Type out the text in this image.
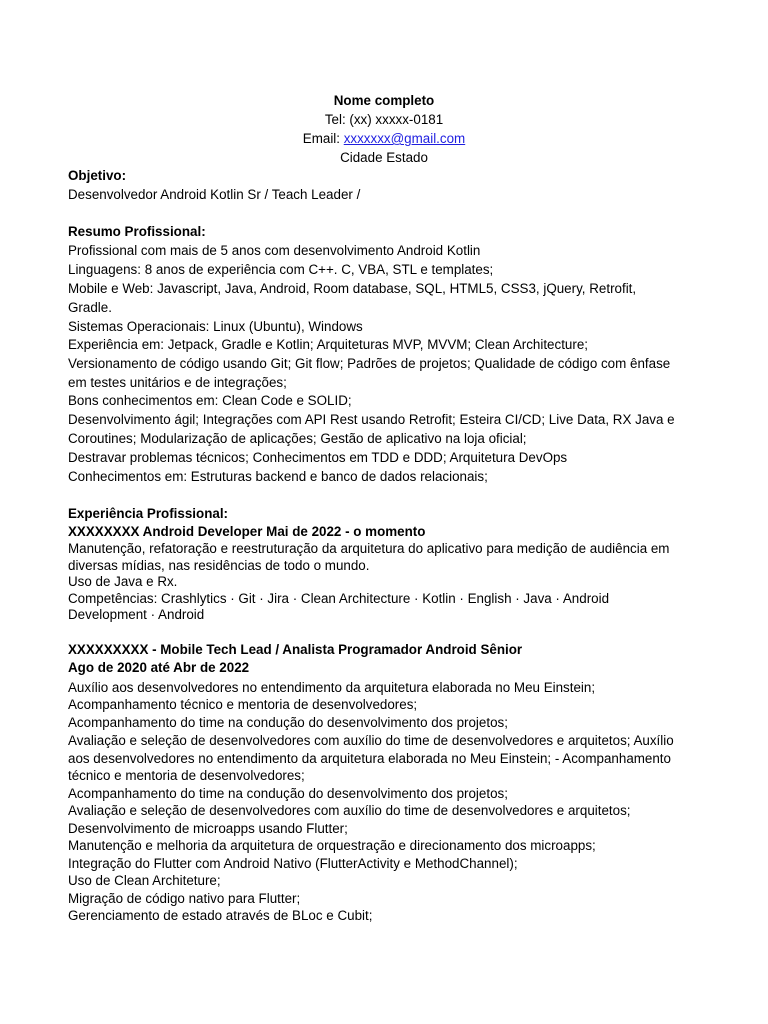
Nome completo
Tel: (xx) xxxxx-0181
Email: xxxxxxx@gmail.com
Cidade Estado
Objetivo:
Desenvolvedor Android Kotlin Sr / Teach Leader /
Resumo Profissional:
Profissional com mais de 5 anos com desenvolvimento Android Kotlin
Linguagens: 8 anos de experiência com C++. C, VBA, STL e templates;
Mobile e Web: Javascript, Java, Android, Room database, SQL, HTML5, CSS3, jQuery, Retrofit,
Gradle.
Sistemas Operacionais: Linux (Ubuntu), Windows
Experiência em: Jetpack, Gradle e Kotlin; Arquiteturas MVP, MVVM; Clean Architecture;
Versionamento de código usando Git; Git flow; Padrões de projetos; Qualidade de código com ênfase
em testes unitários e de integrações;
Bons conhecimentos em: Clean Code e SOLID;
Desenvolvimento ágil; Integrações com API Rest usando Retrofit; Esteira CI/CD; Live Data, RX Java e
Coroutines; Modularização de aplicações; Gestão de aplicativo na loja oficial;
Destravar problemas técnicos; Conhecimentos em TDD e DDD; Arquitetura DevOps
Conhecimentos em: Estruturas backend e banco de dados relacionais;
Experiência Profissional:
XXXXXXXX Android Developer Mai de 2022 - o momento
Manutenção, refatoração e reestruturação da arquitetura do aplicativo para medição de audiência em
diversas mídias, nas residências de todo o mundo.
Uso de Java e Rx.
Competências: Crashlytics · Git · Jira · Clean Architecture · Kotlin · English · Java · Android
Development · Android
XXXXXXXXX - Mobile Tech Lead / Analista Programador Android Sênior
Ago de 2020 até Abr de 2022
Auxílio aos desenvolvedores no entendimento da arquitetura elaborada no Meu Einstein;
Acompanhamento técnico e mentoria de desenvolvedores;
Acompanhamento do time na condução do desenvolvimento dos projetos;
Avaliação e seleção de desenvolvedores com auxílio do time de desenvolvedores e arquitetos; Auxílio
aos desenvolvedores no entendimento da arquitetura elaborada no Meu Einstein; - Acompanhamento
técnico e mentoria de desenvolvedores;
Acompanhamento do time na condução do desenvolvimento dos projetos;
Avaliação e seleção de desenvolvedores com auxílio do time de desenvolvedores e arquitetos;
Desenvolvimento de microapps usando Flutter;
Manutenção e melhoria da arquitetura de orquestração e direcionamento dos microapps;
Integração do Flutter com Android Nativo (FlutterActivity e MethodChannel);
Uso de Clean Architeture;
Migração de código nativo para Flutter;
Gerenciamento de estado através de BLoc e Cubit;
